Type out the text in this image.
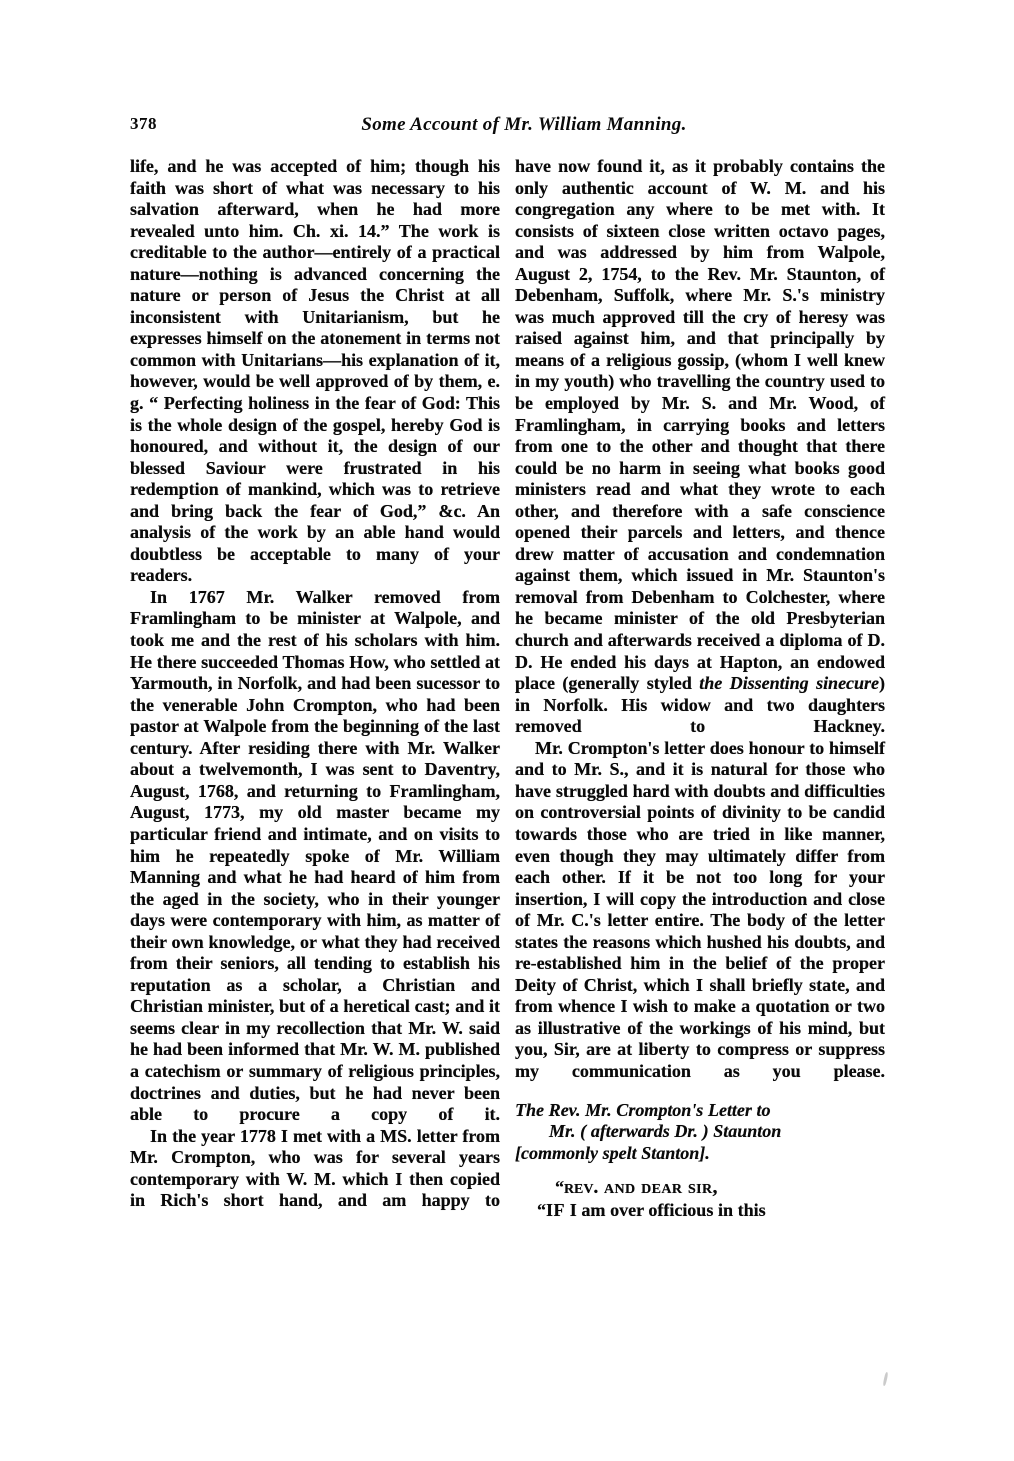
378	Some Account of Mr. William Manning.

life, and he was accepted of him; though his faith was short of what was necessary to his salvation afterward, when he had more revealed unto him. Ch. xi. 14.” The work is creditable to the author—entirely of a practical nature—nothing is advanced concerning the nature or person of Jesus the Christ at all inconsistent with Unitarianism, but he expresses himself on the atonement in terms not common with Unitarians—his explanation of it, however, would be well approved of by them, e. g. “ Perfecting holiness in the fear of God: This is the whole design of the gospel, hereby God is honoured, and without it, the design of our blessed Saviour were frustrated in his redemption of mankind, which was to retrieve and bring back the fear of God,” &c. An analysis of the work by an able hand would doubtless be acceptable to many of your readers.

In 1767 Mr. Walker removed from Framlingham to be minister at Walpole, and took me and the rest of his scholars with him. He there succeeded Thomas How, who settled at Yarmouth, in Norfolk, and had been sucessor to the venerable John Crompton, who had been pastor at Walpole from the beginning of the last century. After residing there with Mr. Walker about a twelvemonth, I was sent to Daventry, August, 1768, and returning to Framlingham, August, 1773, my old master became my particular friend and intimate, and on visits to him he repeatedly spoke of Mr. William Manning and what he had heard of him from the aged in the society, who in their younger days were contemporary with him, as matter of their own knowledge, or what they had received from their seniors, all tending to establish his reputation as a scholar, a Christian and Christian minister, but of a heretical cast; and it seems clear in my recollection that Mr. W. said he had been informed that Mr. W. M. published a catechism or summary of religious principles, doctrines and duties, but he had never been able to procure a copy of it.

In the year 1778 I met with a MS. letter from Mr. Crompton, who was for several years contemporary with W. M. which I then copied in Rich's short hand, and am happy to

have now found it, as it probably contains the only authentic account of W. M. and his congregation any where to be met with. It consists of sixteen close written octavo pages, and was addressed by him from Walpole, August 2, 1754, to the Rev. Mr. Staunton, of Debenham, Suffolk, where Mr. S.'s ministry was much approved till the cry of heresy was raised against him, and that principally by means of a religious gossip, (whom I well knew in my youth) who travelling the country used to be employed by Mr. S. and Mr. Wood, of Framlingham, in carrying books and letters from one to the other and thought that there could be no harm in seeing what books good ministers read and what they wrote to each other, and therefore with a safe conscience opened their parcels and letters, and thence drew matter of accusation and condemnation against them, which issued in Mr. Staunton's removal from Debenham to Colchester, where he became minister of the old Presbyterian church and afterwards received a diploma of D. D. He ended his days at Hapton, an endowed place (generally styled the Dissenting sinecure) in Norfolk. His widow and two daughters removed to Hackney.

Mr. Crompton's letter does honour to himself and to Mr. S., and it is natural for those who have struggled hard with doubts and difficulties on controversial points of divinity to be candid towards those who are tried in like manner, even though they may ultimately differ from each other. If it be not too long for your insertion, I will copy the introduction and close of Mr. C.'s letter entire. The body of the letter states the reasons which hushed his doubts, and re-established him in the belief of the proper Deity of Christ, which I shall briefly state, and from whence I wish to make a quotation or two as illustrative of the workings of his mind, but you, Sir, are at liberty to compress or suppress my communication as you please.

The Rev. Mr. Crompton's Letter to
Mr. ( afterwards Dr. ) Staunton
[commonly spelt Stanton].

“rev. and dear sir,

“IF I am over officious in this
